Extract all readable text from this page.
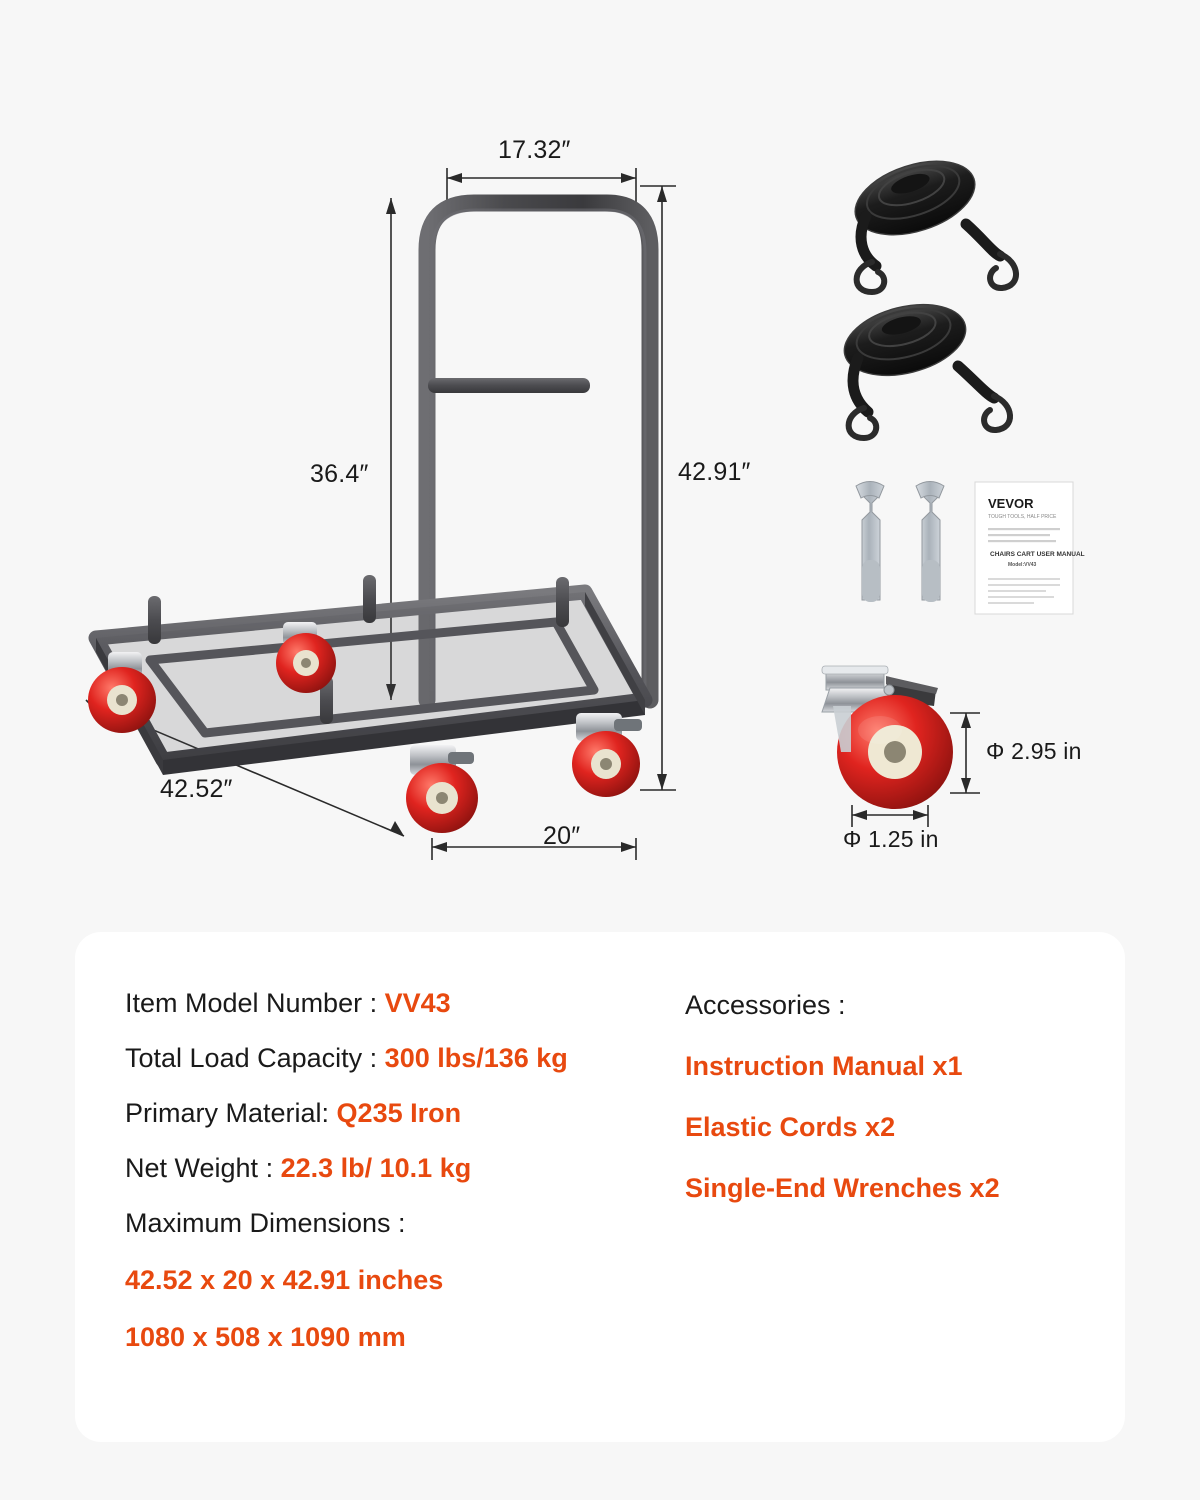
VEVOR
TOUGH TOOLS, HALF PRICE
CHAIRS CART USER MANUAL
Model:VV43
17.32″
36.4″	42.91″
42.52″
20″
Φ 2.95 in
Φ 1.25 in
Item Model Number : VV43
Total Load Capacity : 300 lbs/136 kg
Primary Material: Q235 Iron
Net Weight : 22.3 lb/ 10.1 kg
Maximum Dimensions :
42.52 x 20 x 42.91 inches
1080 x 508 x 1090 mm
Accessories :
Instruction Manual x1
Elastic Cords x2
Single-End Wrenches x2
